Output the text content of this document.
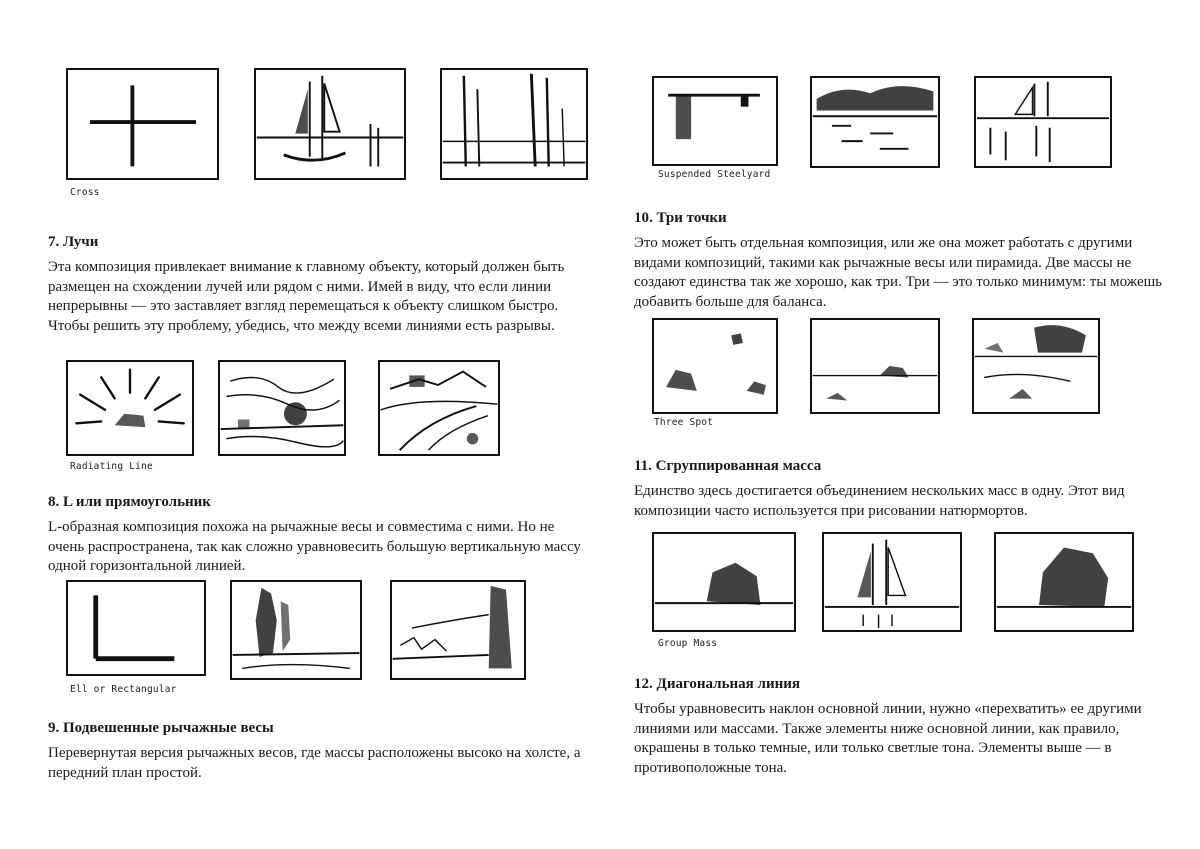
Cross
7. Лучи
Эта композиция привлекает внимание к главному объекту, который должен быть размещен на схождении лучей или рядом с ними. Имей в виду, что если линии непрерывны — это заставляет взгляд перемещаться к объекту слишком быстро. Чтобы решить эту проблему, убедись, что между всеми линиями есть разрывы.
Radiating Line
8. L или прямоугольник
L-образная композиция похожа на рычажные весы и совместима с ними. Но не очень распространена, так как сложно уравновесить большую вертикальную массу одной горизонтальной линией.
Ell or Rectangular
9. Подвешенные рычажные весы
Перевернутая версия рычажных весов, где массы расположены высоко на холсте, а передний план простой.
Suspended Steelyard
10. Три точки
Это может быть отдельная композиция, или же она может работать с другими видами композиций, такими как рычажные весы или пирамида. Две массы не создают единства так же хорошо, как три. Три — это только минимум: ты можешь добавить больше для баланса.
Three Spot
11. Сгруппированная масса
Единство здесь достигается объединением нескольких масс в одну. Этот вид композиции часто используется при рисовании натюрмортов.
Group Mass
12. Диагональная линия
Чтобы уравновесить наклон основной линии, нужно «перехватить» ее другими линиями или массами. Также элементы ниже основной линии, как правило, окрашены в только темные, или только светлые тона. Элементы выше — в противоположные тона.
